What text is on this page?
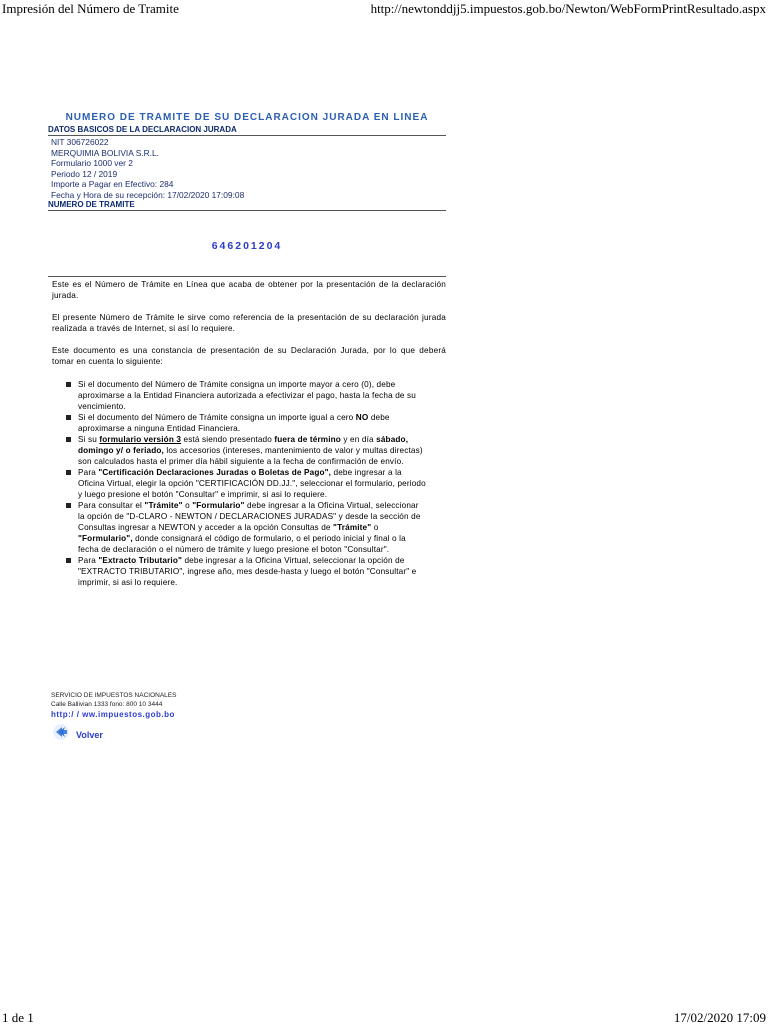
Impresión del Número de Tramite	http://newtonddjj5.impuestos.gob.bo/Newton/WebFormPrintResultado.aspx
NUMERO DE TRAMITE DE SU DECLARACION JURADA EN LINEA
DATOS BASICOS DE LA DECLARACION JURADA
NIT 306726022
MERQUIMIA BOLIVIA S.R.L.
Formulario 1000 ver 2
Periodo 12 / 2019
Importe a Pagar en Efectivo: 284
Fecha y Hora de su recepción: 17/02/2020 17:09:08
NUMERO DE TRAMITE
646201204
Este es el Número de Trámite en Línea que acaba de obtener por la presentación de la declaración jurada.
El presente Número de Trámite le sirve como referencia de la presentación de su declaración jurada realizada a través de Internet, si así lo requiere.
Este documento es una constancia de presentación de su Declaración Jurada, por lo que deberá tomar en cuenta lo siguiente:
Si el documento del Número de Trámite consigna un importe mayor a cero (0), debe aproximarse a la Entidad Financiera autorizada a efectivizar el pago, hasta la fecha de su vencimiento.
Si el documento del Número de Trámite consigna un importe igual a cero NO debe aproximarse a ninguna Entidad Financiera.
Si su formulario versión 3 está siendo presentado fuera de término y en día sábado, domingo y/ o feriado, los accesorios (intereses, mantenimiento de valor y multas directas) son calculados hasta el primer día hábil siguiente a la fecha de confirmación de envío.
Para "Certificación Declaraciones Juradas o Boletas de Pago", debe ingresar a la Oficina Virtual, elegir la opción "CERTIFICACIÓN DD.JJ.", seleccionar el formulario, periodo y luego presione el botón "Consultar" e imprimir, si asi lo requiere.
Para consultar el "Trámite" o "Formulario" debe ingresar a la Oficina Virtual, seleccionar la opción de "D-CLARO - NEWTON / DECLARACIONES JURADAS" y desde la sección de Consultas ingresar a NEWTON y acceder a la opción Consultas de "Trámite" o "Formulario", donde consignará el código de formulario, o el periodo inicial y final o la fecha de declaración o el número de trámite y luego presione el boton "Consultar".
Para "Extracto Tributario" debe ingresar a la Oficina Virtual, seleccionar la opción de "EXTRACTO TRIBUTARIO", ingrese año, mes desde-hasta y luego el botón "Consultar" e imprimir, si asi lo requiere.
SERVICIO DE IMPUESTOS NACIONALES
Calle Ballivian 1333 fono: 800 10 3444
http:/ / ww.impuestos.gob.bo
Volver
1 de 1	17/02/2020 17:09
